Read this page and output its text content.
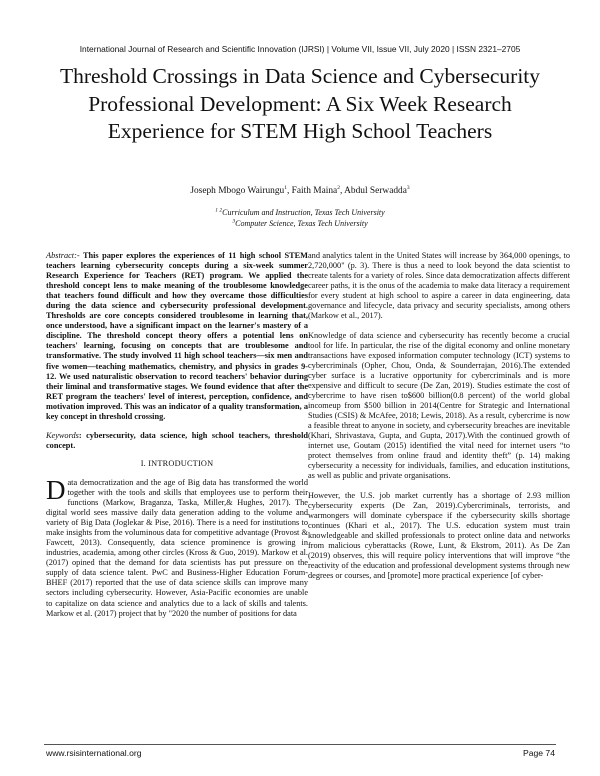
International Journal of Research and Scientific Innovation (IJRSI) | Volume VII, Issue VII, July 2020 | ISSN 2321–2705
Threshold Crossings in Data Science and Cybersecurity Professional Development: A Six Week Research Experience for STEM High School Teachers
Joseph Mbogo Wairungu$^1$, Faith Maina$^2$, Abdul Serwadda$^3$
$^{1 2}$Curriculum and Instruction, Texas Tech University
$^3$Computer Science, Texas Tech University

Abstract:- This paper explores the experiences of 11 high school STEM teachers learning cybersecurity concepts during a six-week summer Research Experience for Teachers (RET) program. We applied the threshold concept lens to make meaning of the troublesome knowledge that teachers found difficult and how they overcame those difficulties during the data science and cybersecurity professional development. Thresholds are core concepts considered troublesome in learning that, once understood, have a significant impact on the learner's mastery of a discipline. The threshold concept theory offers a potential lens on teachers' learning, focusing on concepts that are troublesome and transformative. The study involved 11 high school teachers—six men and five women—teaching mathematics, chemistry, and physics in grades 9-12. We used naturalistic observation to record teachers' behavior during their liminal and transformative stages. We found evidence that after the RET program the teachers' level of interest, perception, confidence, and motivation improved. This was an indicator of a quality transformation, a key concept in threshold crossing.

Keywords: cybersecurity, data science, high school teachers, threshold concept.

I. INTRODUCTION

Data democratization and the age of Big data has transformed the world together with the tools and skills that employees use to perform their functions (Markow, Braganza, Taska, Miller,& Hughes, 2017). The digital world sees massive daily data generation adding to the volume and variety of Big Data (Joglekar & Pise, 2016). There is a need for institutions to make insights from the voluminous data for competitive advantage (Provost & Fawcett, 2013). Consequently, data science prominence is growing in industries, academia, among other circles (Kross & Guo, 2019). Markow et al. (2017) opined that the demand for data scientists has put pressure on the supply of data science talent. PwC and Business-Higher Education Forum-BHEF (2017) reported that the use of data science skills can improve many sectors including cybersecurity. However, Asia-Pacific economies are unable to capitalize on data science and analytics due to a lack of skills and talents. Markow et al. (2017) project that by "2020 the number of positions for data

and analytics talent in the United States will increase by 364,000 openings, to 2,720,000" (p. 3). There is thus a need to look beyond the data scientist to create talents for a variety of roles. Since data democratization affects different career paths, it is the onus of the academia to make data literacy a requirement for every student at high school to aspire a career in data engineering, data governance and lifecycle, data privacy and security specialists, among others (Markow et al., 2017).

Knowledge of data science and cybersecurity has recently become a crucial tool for life. In particular, the rise of the digital economy and online monetary transactions have exposed information computer technology (ICT) systems to cybercriminals (Opher, Chou, Onda, & Sounderrajan, 2016).The extended cyber surface is a lucrative opportunity for cybercriminals and is more expensive and difficult to secure (De Zan, 2019). Studies estimate the cost of cybercrime to have risen to$600 billion(0.8 percent) of the world global incomeup from $500 billion in 2014(Centre for Strategic and International Studies (CSIS) & McAfee, 2018; Lewis, 2018). As a result, cybercrime is now a feasible threat to anyone in society, and cybersecurity breaches are inevitable (Khari, Shrivastava, Gupta, and Gupta, 2017).With the continued growth of internet use, Goutam (2015) identified the vital need for internet users “to protect themselves from online fraud and identity theft” (p. 14) making cybersecurity a necessity for individuals, families, and education institutions, as well as public and private organisations.

However, the U.S. job market currently has a shortage of 2.93 million cybersecurity experts (De Zan, 2019).Cybercriminals, terrorists, and warmongers will dominate cyberspace if the cybersecurity skills shortage continues (Khari et al., 2017). The U.S. education system must train knowledgeable and skilled professionals to protect online data and networks from malicious cyberattacks (Rowe, Lunt, & Ekstrom, 2011). As De Zan (2019) observes, this will require policy interventions that will improve “the reactivity of the education and professional development systems through new degrees or courses, and [promote] more practical experience [of cyber-

www.rsisinternational.org	Page 74
